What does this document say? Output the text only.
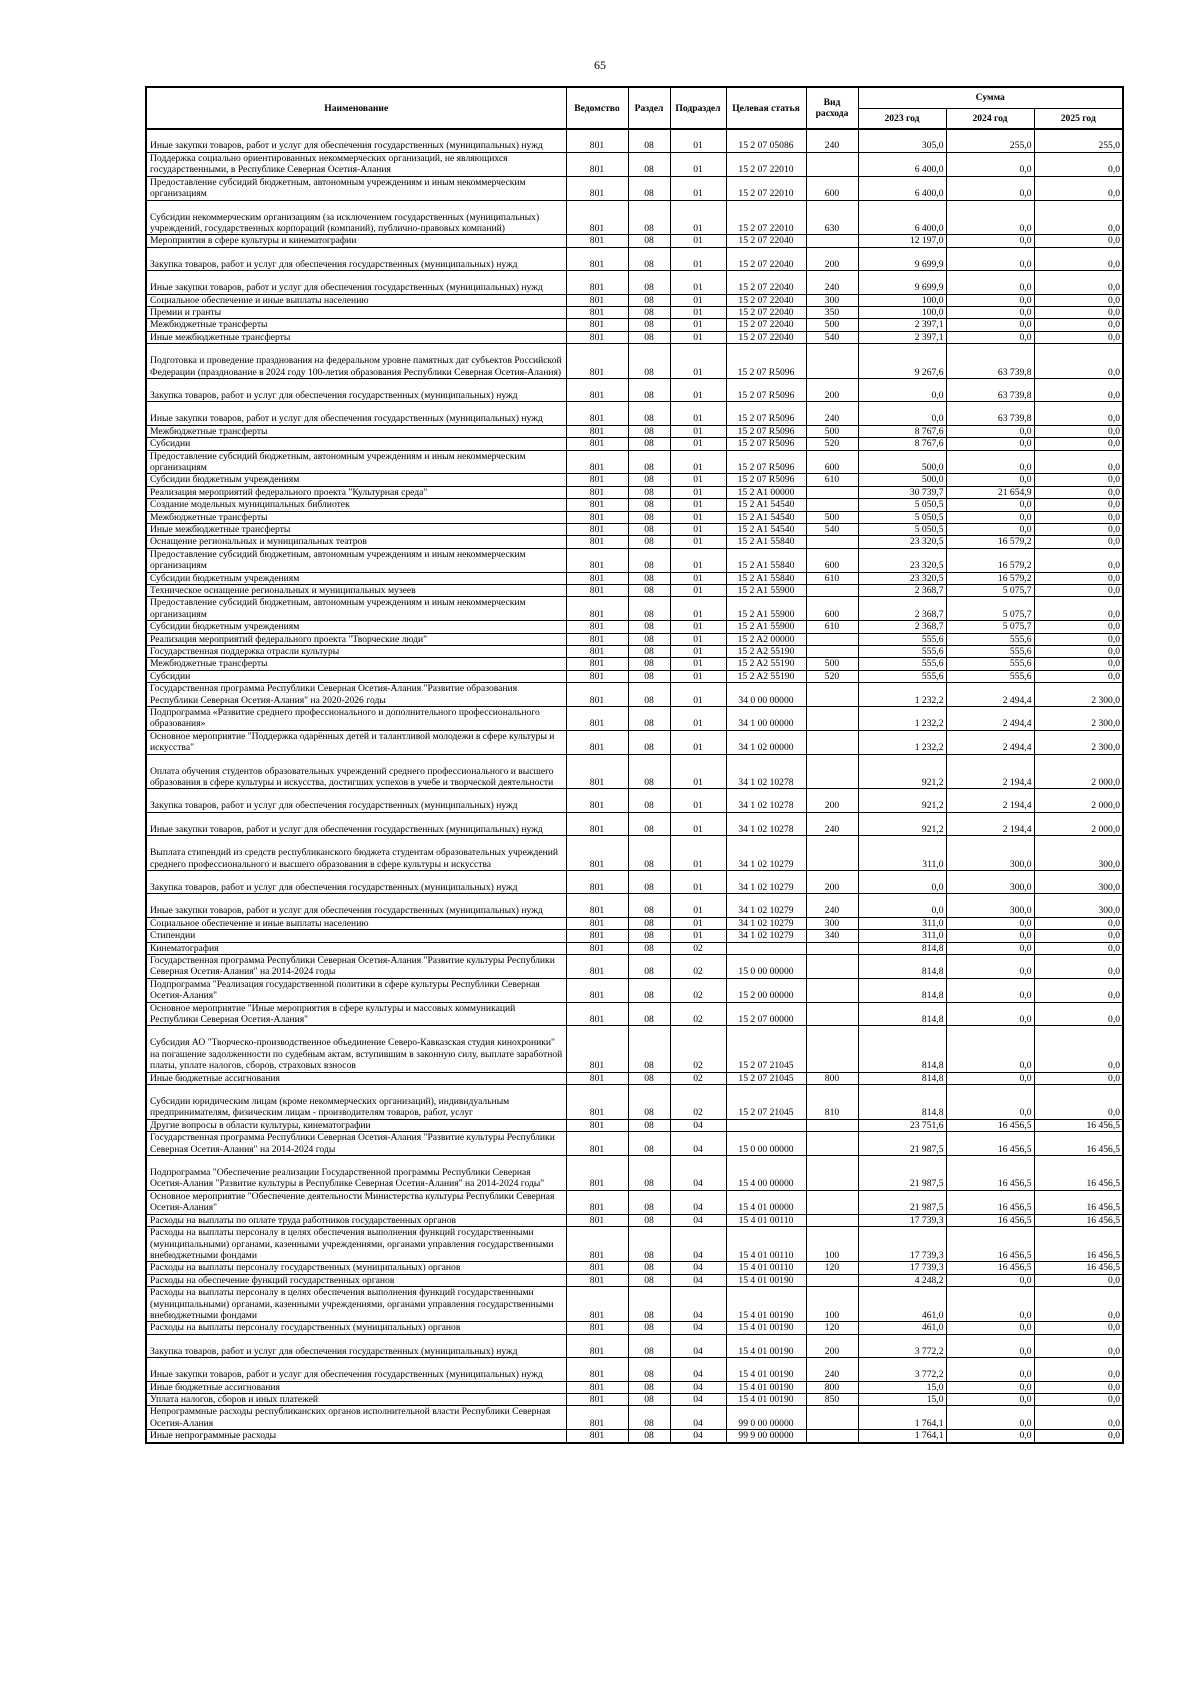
65
Наименование	Ведомство	Раздел	Подраздел	Целевая статья	Вид расхода	Сумма		
						2023 год	2024 год	2025 год
Иные закупки товаров, работ и услуг для обеспечения государственных (муниципальных) нужд	801	08	01	15 2 07 05086	240	305,0	255,0	255,0
Поддержка социально ориентированных некоммерческих организаций, не являющихся государственными, в Республике Северная Осетия-Алания	801	08	01	15 2 07 22010		6 400,0	0,0	0,0
Предоставление субсидий бюджетным, автономным учреждениям и иным некоммерческим организациям	801	08	01	15 2 07 22010	600	6 400,0	0,0	0,0
Субсидии некоммерческим организациям (за исключением государственных (муниципальных) учреждений, государственных корпораций (компаний), публично-правовых компаний)	801	08	01	15 2 07 22010	630	6 400,0	0,0	0,0
Мероприятия в сфере культуры и кинематографии	801	08	01	15 2 07 22040		12 197,0	0,0	0,0
Закупка товаров, работ и услуг для обеспечения государственных (муниципальных) нужд	801	08	01	15 2 07 22040	200	9 699,9	0,0	0,0
Иные закупки товаров, работ и услуг для обеспечения государственных (муниципальных) нужд	801	08	01	15 2 07 22040	240	9 699,9	0,0	0,0
Социальное обеспечение и иные выплаты населению	801	08	01	15 2 07 22040	300	100,0	0,0	0,0
Премии и гранты	801	08	01	15 2 07 22040	350	100,0	0,0	0,0
Межбюджетные трансферты	801	08	01	15 2 07 22040	500	2 397,1	0,0	0,0
Иные межбюджетные трансферты	801	08	01	15 2 07 22040	540	2 397,1	0,0	0,0
Подготовка и проведение празднования на федеральном уровне памятных дат субъектов Российской Федерации (празднование в 2024 году 100-летия образования Республики Северная Осетия-Алания)	801	08	01	15 2 07 R5096		9 267,6	63 739,8	0,0
Закупка товаров, работ и услуг для обеспечения государственных (муниципальных) нужд	801	08	01	15 2 07 R5096	200	0,0	63 739,8	0,0
Иные закупки товаров, работ и услуг для обеспечения государственных (муниципальных) нужд	801	08	01	15 2 07 R5096	240	0,0	63 739,8	0,0
Межбюджетные трансферты	801	08	01	15 2 07 R5096	500	8 767,6	0,0	0,0
Субсидии	801	08	01	15 2 07 R5096	520	8 767,6	0,0	0,0
Предоставление субсидий бюджетным, автономным учреждениям и иным некоммерческим организациям	801	08	01	15 2 07 R5096	600	500,0	0,0	0,0
Субсидии бюджетным учреждениям	801	08	01	15 2 07 R5096	610	500,0	0,0	0,0
Реализация мероприятий федерального проекта "Культурная среда"	801	08	01	15 2 A1 00000		30 739,7	21 654,9	0,0
Создание модельных муниципальных библиотек	801	08	01	15 2 A1 54540		5 050,5	0,0	0,0
Межбюджетные трансферты	801	08	01	15 2 A1 54540	500	5 050,5	0,0	0,0
Иные межбюджетные трансферты	801	08	01	15 2 A1 54540	540	5 050,5	0,0	0,0
Оснащение региональных и муниципальных театров	801	08	01	15 2 A1 55840		23 320,5	16 579,2	0,0
Предоставление субсидий бюджетным, автономным учреждениям и иным некоммерческим организациям	801	08	01	15 2 A1 55840	600	23 320,5	16 579,2	0,0
Субсидии бюджетным учреждениям	801	08	01	15 2 A1 55840	610	23 320,5	16 579,2	0,0
Техническое оснащение региональных и муниципальных музеев	801	08	01	15 2 A1 55900		2 368,7	5 075,7	0,0
Предоставление субсидий бюджетным, автономным учреждениям и иным некоммерческим организациям	801	08	01	15 2 A1 55900	600	2 368,7	5 075,7	0,0
Субсидии бюджетным учреждениям	801	08	01	15 2 A1 55900	610	2 368,7	5 075,7	0,0
Реализация мероприятий федерального проекта "Творческие люди"	801	08	01	15 2 A2 00000		555,6	555,6	0,0
Государственная поддержка отрасли культуры	801	08	01	15 2 A2 55190		555,6	555,6	0,0
Межбюджетные трансферты	801	08	01	15 2 A2 55190	500	555,6	555,6	0,0
Субсидии	801	08	01	15 2 A2 55190	520	555,6	555,6	0,0
Государственная программа Республики Северная Осетия-Алания "Развитие образования Республики Северная Осетия-Алания" на 2020-2026 годы	801	08	01	34 0 00 00000		1 232,2	2 494,4	2 300,0
Подпрограмма «Развитие среднего профессионального и дополнительного профессионального образования»	801	08	01	34 1 00 00000		1 232,2	2 494,4	2 300,0
Основное мероприятие "Поддержка одарённых детей и талантливой молодежи в сфере культуры и искусства"	801	08	01	34 1 02 00000		1 232,2	2 494,4	2 300,0
Оплата обучения студентов образовательных учреждений среднего профессионального и высшего образования в сфере культуры и искусства, достигших успехов в учебе и творческой деятельности	801	08	01	34 1 02 10278		921,2	2 194,4	2 000,0
Закупка товаров, работ и услуг для обеспечения государственных (муниципальных) нужд	801	08	01	34 1 02 10278	200	921,2	2 194,4	2 000,0
Иные закупки товаров, работ и услуг для обеспечения государственных (муниципальных) нужд	801	08	01	34 1 02 10278	240	921,2	2 194,4	2 000,0
Выплата стипендий из средств республиканского бюджета студентам образовательных учреждений среднего профессионального и высшего образования в сфере культуры и искусства	801	08	01	34 1 02 10279		311,0	300,0	300,0
Закупка товаров, работ и услуг для обеспечения государственных (муниципальных) нужд	801	08	01	34 1 02 10279	200	0,0	300,0	300,0
Иные закупки товаров, работ и услуг для обеспечения государственных (муниципальных) нужд	801	08	01	34 1 02 10279	240	0,0	300,0	300,0
Социальное обеспечение и иные выплаты населению	801	08	01	34 1 02 10279	300	311,0	0,0	0,0
Стипендии	801	08	01	34 1 02 10279	340	311,0	0,0	0,0
Кинематография	801	08	02			814,8	0,0	0,0
Государственная программа Республики Северная Осетия-Алания "Развитие культуры Республики Северная Осетия-Алания" на 2014-2024 годы	801	08	02	15 0 00 00000		814,8	0,0	0,0
Подпрограмма "Реализация государственной политики в сфере культуры Республики Северная Осетия-Алания"	801	08	02	15 2 00 00000		814,8	0,0	0,0
Основное мероприятие "Иные мероприятия в сфере культуры и массовых коммуникаций Республики Северная Осетия-Алания"	801	08	02	15 2 07 00000		814,8	0,0	0,0
Субсидия АО "Творческо-производственное объединение Северо-Кавказская студия кинохроники" на погашение задолженности по судебным актам, вступившим в законную силу, выплате заработной платы, уплате налогов, сборов, страховых взносов	801	08	02	15 2 07 21045		814,8	0,0	0,0
Иные бюджетные ассигнования	801	08	02	15 2 07 21045	800	814,8	0,0	0,0
Субсидии юридическим лицам (кроме некоммерческих организаций), индивидуальным предпринимателям, физическим лицам - производителям товаров, работ, услуг	801	08	02	15 2 07 21045	810	814,8	0,0	0,0
Другие вопросы в области культуры, кинематографии	801	08	04			23 751,6	16 456,5	16 456,5
Государственная программа Республики Северная Осетия-Алания "Развитие культуры Республики Северная Осетия-Алания" на 2014-2024 годы	801	08	04	15 0 00 00000		21 987,5	16 456,5	16 456,5
Подпрограмма "Обеспечение реализации Государственной программы Республики Северная Осетия-Алания "Развитие культуры в Республике Северная Осетия-Алания" на 2014-2024 годы"	801	08	04	15 4 00 00000		21 987,5	16 456,5	16 456,5
Основное мероприятие "Обеспечение деятельности Министерства культуры Республики Северная Осетия-Алания"	801	08	04	15 4 01 00000		21 987,5	16 456,5	16 456,5
Расходы на выплаты по оплате труда работников государственных органов	801	08	04	15 4 01 00110		17 739,3	16 456,5	16 456,5
Расходы на выплаты персоналу в целях обеспечения выполнения функций государственными (муниципальными) органами, казенными учреждениями, органами управления государственными внебюджетными фондами	801	08	04	15 4 01 00110	100	17 739,3	16 456,5	16 456,5
Расходы на выплаты персоналу государственных (муниципальных) органов	801	08	04	15 4 01 00110	120	17 739,3	16 456,5	16 456,5
Расходы на обеспечение функций государственных органов	801	08	04	15 4 01 00190		4 248,2	0,0	0,0
Расходы на выплаты персоналу в целях обеспечения выполнения функций государственными (муниципальными) органами, казенными учреждениями, органами управления государственными внебюджетными фондами	801	08	04	15 4 01 00190	100	461,0	0,0	0,0
Расходы на выплаты персоналу государственных (муниципальных) органов	801	08	04	15 4 01 00190	120	461,0	0,0	0,0
Закупка товаров, работ и услуг для обеспечения государственных (муниципальных) нужд	801	08	04	15 4 01 00190	200	3 772,2	0,0	0,0
Иные закупки товаров, работ и услуг для обеспечения государственных (муниципальных) нужд	801	08	04	15 4 01 00190	240	3 772,2	0,0	0,0
Иные бюджетные ассигнования	801	08	04	15 4 01 00190	800	15,0	0,0	0,0
Уплата налогов, сборов и иных платежей	801	08	04	15 4 01 00190	850	15,0	0,0	0,0
Непрограммные расходы республиканских органов исполнительной власти Республики Северная Осетия-Алания	801	08	04	99 0 00 00000		1 764,1	0,0	0,0
Иные непрограммные расходы	801	08	04	99 9 00 00000		1 764,1	0,0	0,0
